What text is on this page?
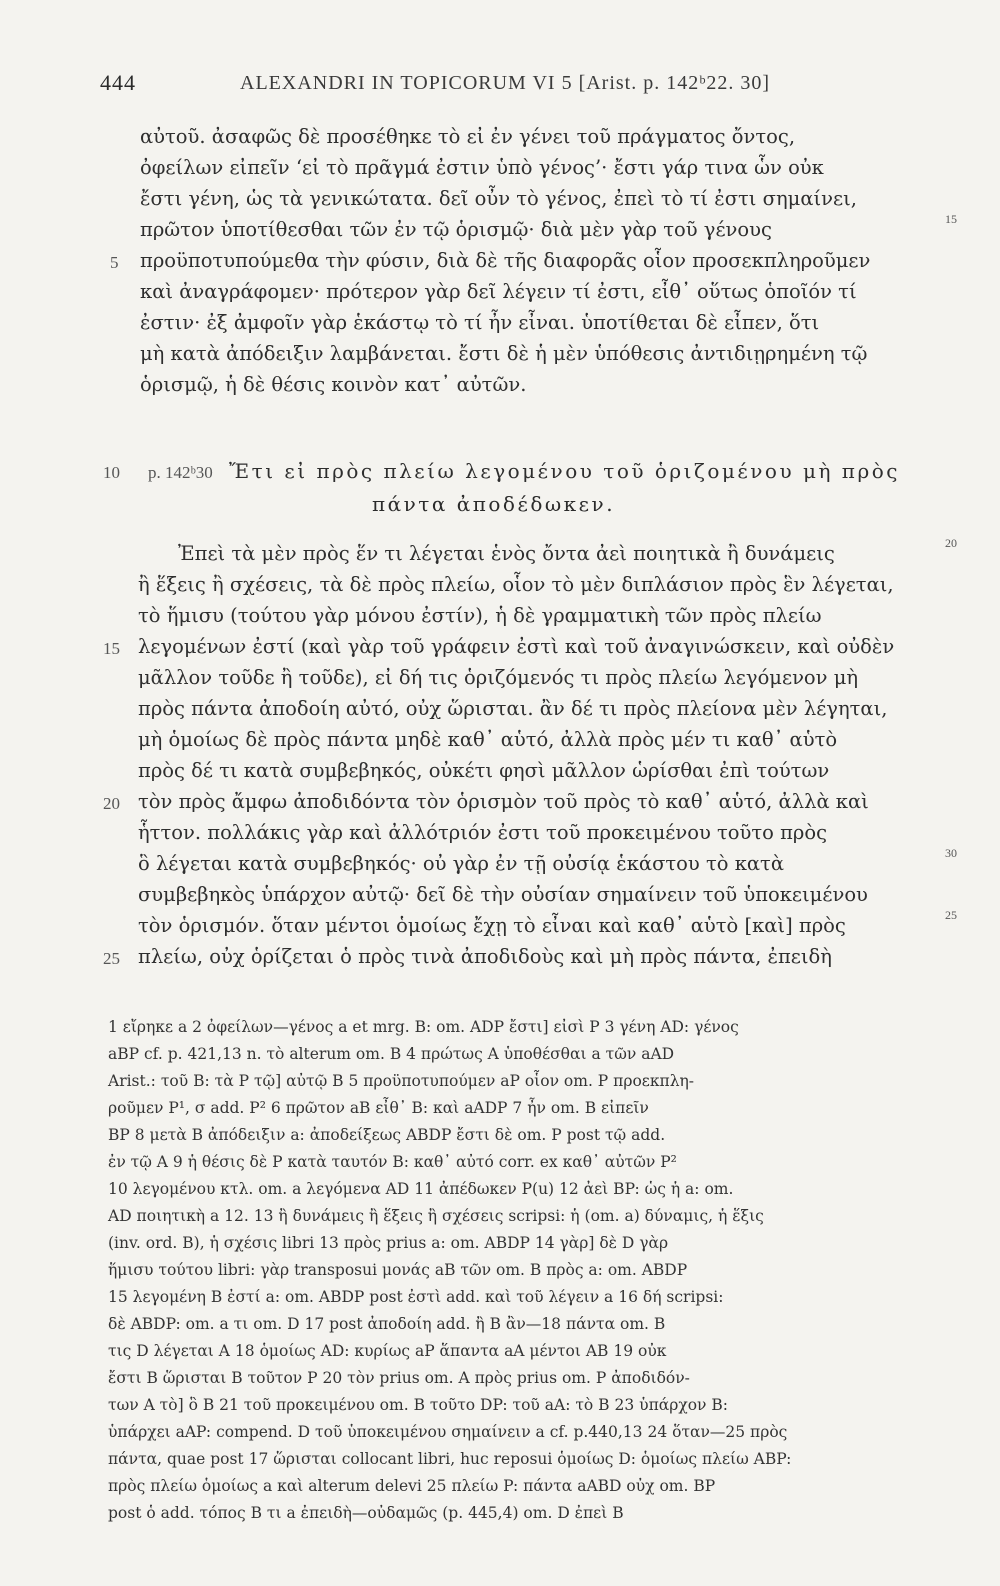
444	ALEXANDRI IN TOPICORUM VI 5 [Arist. p. 142ᵇ22. 30]
αὐτοῦ. ἀσαφῶς δὲ προσέθηκε τὸ εἰ ἐν γένει τοῦ πράγματος ὄντος,
ὀφείλων εἰπεῖν ‘εἰ τὸ πρᾶγμά ἐστιν ὑπὸ γένος’· ἔστι γάρ τινα ὧν οὐκ
ἔστι γένη, ὡς τὰ γενικώτατα. δεῖ οὖν τὸ γένος, ἐπεὶ τὸ τί ἐστι σημαίνει,
πρῶτον ὑποτίθεσθαι τῶν ἐν τῷ ὁρισμῷ· διὰ μὲν γὰρ τοῦ γένους
προϋποτυπούμεθα τὴν φύσιν, διὰ δὲ τῆς διαφορᾶς οἷον προσεκπληροῦμεν
καὶ ἀναγράφομεν· πρότερον γὰρ δεῖ λέγειν τί ἐστι, εἶθ᾽ οὕτως ὁποῖόν τί
ἐστιν· ἐξ ἀμφοῖν γὰρ ἑκάστῳ τὸ τί ἦν εἶναι. ὑποτίθεται δὲ εἶπεν, ὅτι
μὴ κατὰ ἀπόδειξιν λαμβάνεται. ἔστι δὲ ἡ μὲν ὑπόθεσις ἀντιδιῃρημένη τῷ
ὁρισμῷ, ἡ δὲ θέσις κοινὸν κατ᾽ αὐτῶν.
5
15
10 p. 142ᵇ30 Ἔτι εἰ πρὸς πλείω λεγομένου τοῦ ὁριζομένου μὴ πρὸς
πάντα ἀποδέδωκεν.
20
Ἐπεὶ τὰ μὲν πρὸς ἕν τι λέγεται ἑνὸς ὄντα ἀεὶ ποιητικὰ ἢ δυνάμεις
ἢ ἕξεις ἢ σχέσεις, τὰ δὲ πρὸς πλείω, οἷον τὸ μὲν διπλάσιον πρὸς ἓν λέγεται,
τὸ ἥμισυ (τούτου γὰρ μόνου ἐστίν), ἡ δὲ γραμματικὴ τῶν πρὸς πλείω
λεγομένων ἐστί (καὶ γὰρ τοῦ γράφειν ἐστὶ καὶ τοῦ ἀναγινώσκειν, καὶ οὐδὲν
μᾶλλον τοῦδε ἢ τοῦδε), εἰ δή τις ὁριζόμενός τι πρὸς πλείω λεγόμενον μὴ
πρὸς πάντα ἀποδοίη αὐτό, οὐχ ὥρισται. ἂν δέ τι πρὸς πλείονα μὲν λέγηται,
μὴ ὁμοίως δὲ πρὸς πάντα μηδὲ καθ᾽ αὑτό, ἀλλὰ πρὸς μέν τι καθ᾽ αὑτὸ
πρὸς δέ τι κατὰ συμβεβηκός, οὐκέτι φησὶ μᾶλλον ὡρίσθαι ἐπὶ τούτων
τὸν πρὸς ἄμφω ἀποδιδόντα τὸν ὁρισμὸν τοῦ πρὸς τὸ καθ᾽ αὑτό, ἀλλὰ καὶ
ἧττον. πολλάκις γὰρ καὶ ἀλλότριόν ἐστι τοῦ προκειμένου τοῦτο πρὸς
ὃ λέγεται κατὰ συμβεβηκός· οὐ γὰρ ἐν τῇ οὐσίᾳ ἑκάστου τὸ κατὰ
συμβεβηκὸς ὑπάρχον αὐτῷ· δεῖ δὲ τὴν οὐσίαν σημαίνειν τοῦ ὑποκειμένου
τὸν ὁρισμόν. ὅταν μέντοι ὁμοίως ἔχῃ τὸ εἶναι καὶ καθ᾽ αὑτὸ [καὶ] πρὸς
πλείω, οὐχ ὁρίζεται ὁ πρὸς τινὰ ἀποδιδοὺς καὶ μὴ πρὸς πάντα, ἐπειδὴ
15
20
25
30
25
1 εἴρηκε a 2 ὀφείλων—γένος a et mrg. B: om. ADP ἔστι] εἰσὶ P 3 γένη AD: γένος
aBP cf. p. 421,13 n. τὸ alterum om. B 4 πρώτως A ὑποθέσθαι a τῶν aAD
Arist.: τοῦ B: τὰ P τῷ] αὐτῷ B 5 προϋποτυπούμεν aP οἷον om. P προεκπλη-
ροῦμεν P¹, σ add. P² 6 πρῶτον aB εἶθ᾽ B: καὶ aADP 7 ἦν om. B εἰπεῖν
BP 8 μετὰ B ἀπόδειξιν a: ἀποδείξεως ABDP ἔστι δὲ om. P post τῷ add.
ἐν τῷ A 9 ἡ θέσις δὲ P κατὰ ταυτόν B: καθ᾽ αὐτό corr. ex καθ᾽ αὐτῶν P²
10 λεγομένου κτλ. om. a λεγόμενα AD 11 ἀπέδωκεν P(u) 12 ἀεὶ BP: ὡς ἡ a: om.
AD ποιητικὴ a 12. 13 ἢ δυνάμεις ἢ ἕξεις ἢ σχέσεις scripsi: ἡ (om. a) δύναμις, ἡ ἕξις
(inv. ord. B), ἡ σχέσις libri 13 πρὸς prius a: om. ABDP 14 γὰρ] δὲ D γὰρ
ἥμισυ τούτου libri: γὰρ transposui μονάς aB τῶν om. B πρὸς a: om. ABDP
15 λεγομένη B ἐστί a: om. ABDP post ἐστὶ add. καὶ τοῦ λέγειν a 16 δή scripsi:
δὲ ABDP: om. a τι om. D 17 post ἀποδοίη add. ἢ B ἂν—18 πάντα om. B
τις D λέγεται A 18 ὁμοίως AD: κυρίως aP ἅπαντα aA μέντοι AB 19 οὐκ
ἔστι B ὥρισται B τοῦτον P 20 τὸν prius om. A πρὸς prius om. P ἀποδιδόν-
των A τὸ] ὃ B 21 τοῦ προκειμένου om. B τοῦτο DP: τοῦ aA: τὸ B 23 ὑπάρχον B:
ὑπάρχει aAP: compend. D τοῦ ὑποκειμένου σημαίνειν a cf. p.440,13 24 ὅταν—25 πρὸς
πάντα, quae post 17 ὥρισται collocant libri, huc reposui ὁμοίως D: ὁμοίως πλείω ABP:
πρὸς πλείω ὁμοίως a καὶ alterum delevi 25 πλείω P: πάντα aABD οὐχ om. BP
post ὁ add. τόπος B τι a ἐπειδὴ—οὐδαμῶς (p. 445,4) om. D ἐπεὶ B
